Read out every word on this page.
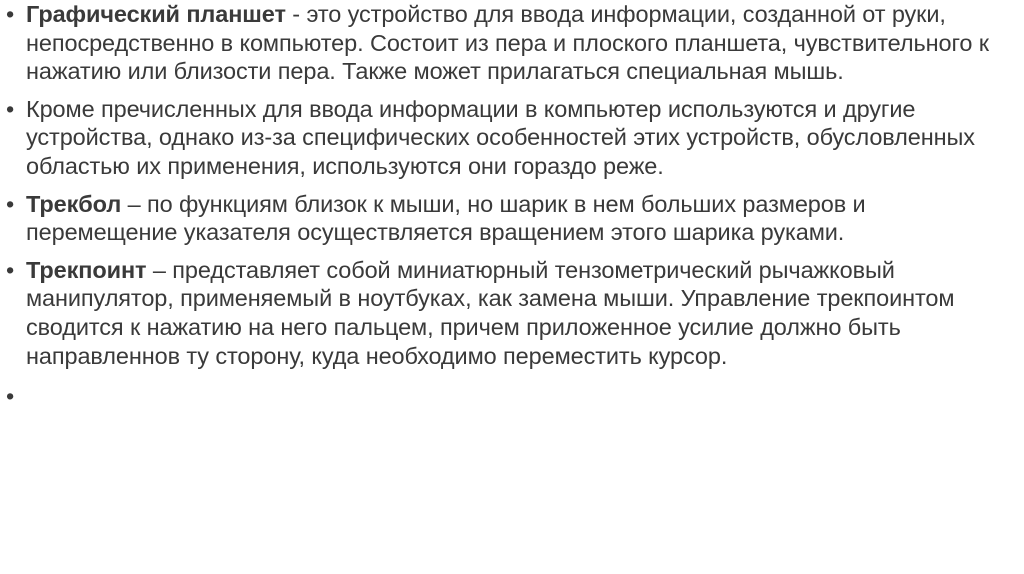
• Графический планшет - это устройство для ввода информации, созданной от руки, непосредственно в компьютер. Состоит из пера и плоского планшета, чувствительного к нажатию или близости пера. Также может прилагаться специальная мышь.
• Кроме пречисленных для ввода информации в компьютер используются и другие устройства, однако из-за специфических особенностей этих устройств, обусловленных областью их применения, используются они гораздо реже.
• Трекбол – по функциям близок к мыши, но шарик в нем больших размеров и перемещение указателя осуществляется вращением этого шарика руками.
• Трекпоинт – представляет собой миниатюрный тензометрический рычажковый манипулятор, применяемый в ноутбуках, как замена мыши. Управление трекпоинтом сводится к нажатию на него пальцем, причем приложенное усилие должно быть направленнов ту сторону, куда необходимо переместить курсор.
•
